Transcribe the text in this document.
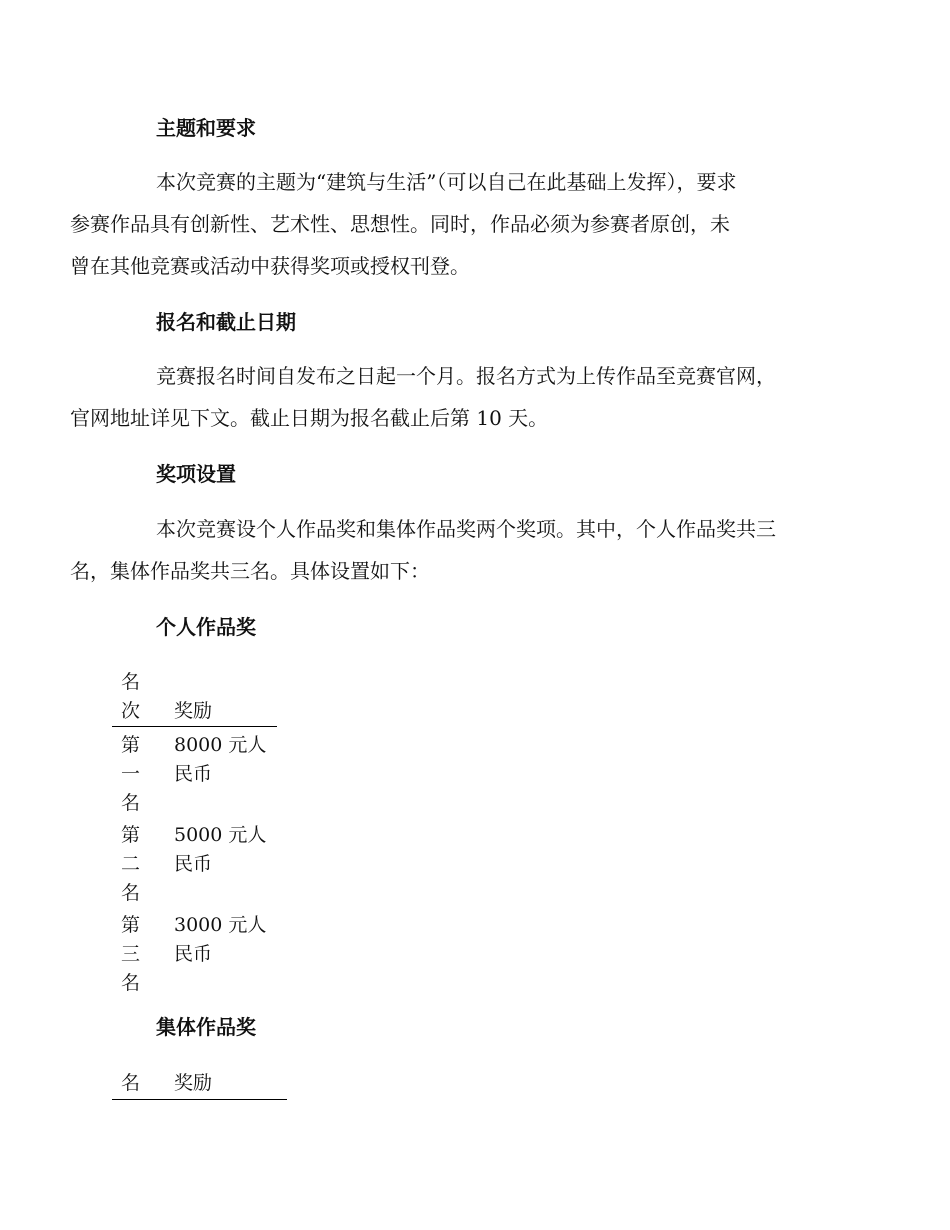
主题和要求

本次竞赛的主题为“建筑与生活”（可以自己在此基础上发挥），要求
参赛作品具有创新性、艺术性、思想性。同时，作品必须为参赛者原创，未
曾在其他竞赛或活动中获得奖项或授权刊登。

报名和截止日期

竞赛报名时间自发布之日起一个月。报名方式为上传作品至竞赛官网，
官网地址详见下文。截止日期为报名截止后第 10 天。

奖项设置

本次竞赛设个人作品奖和集体作品奖两个奖项。其中，个人作品奖共三
名，集体作品奖共三名。具体设置如下：

个人作品奖
名
次 奖励
第
一
名
8000 元人
民币
第
二
名
5000 元人
民币
第
三
名
3000 元人
民币
集体作品奖
名 奖励
